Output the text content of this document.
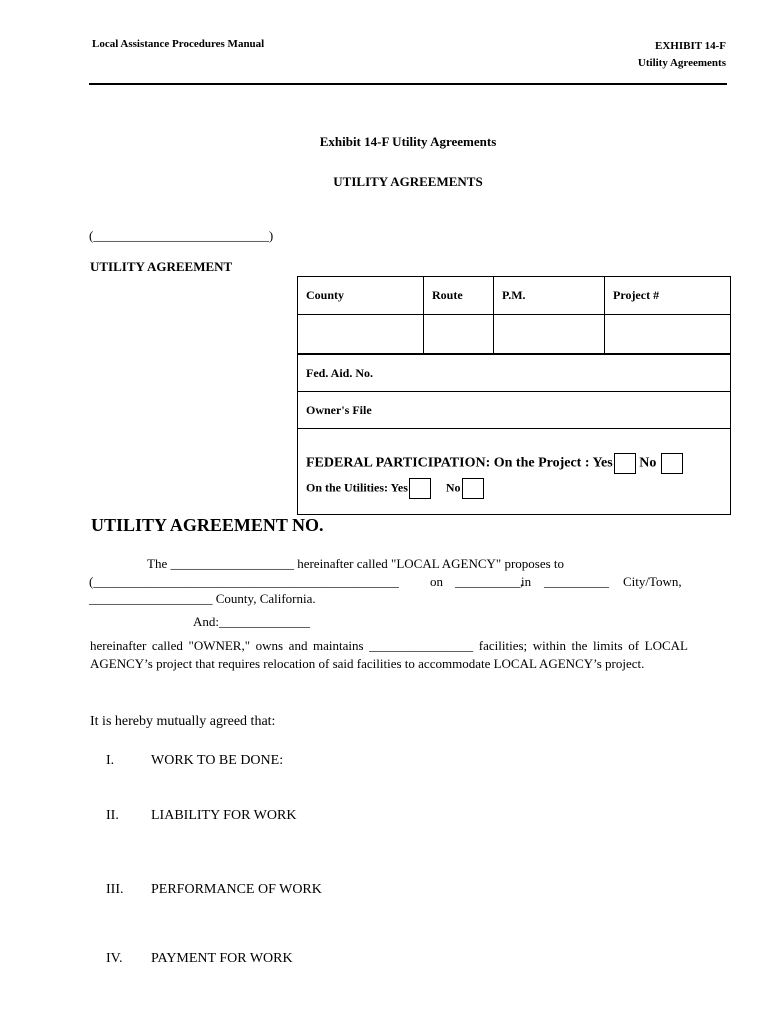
Local Assistance Procedures Manual	EXHIBIT 14-F
Utility Agreements
Exhibit 14-F Utility Agreements
UTILITY AGREEMENTS
(___________________________)
UTILITY AGREEMENT
County	Route	P.M.	Project #

Fed. Aid. No.
Owner's File
FEDERAL PARTICIPATION: On the Project : Yes No
On the Utilities: Yes	No
UTILITY AGREEMENT NO.
The ___________________ hereinafter called "LOCAL AGENCY" proposes to
(_______________________________________________ on __________,
in __________ City/Town,
___________________ County, California.
And:______________
hereinafter called "OWNER," owns and maintains ________________ facilities; within the limits of LOCAL AGENCY’s project that requires relocation of said facilities to accommodate LOCAL AGENCY’s project.
It is hereby mutually agreed that:
I.	WORK TO BE DONE:
II. LIABILITY FOR WORK
III. PERFORMANCE OF WORK
IV. PAYMENT FOR WORK
